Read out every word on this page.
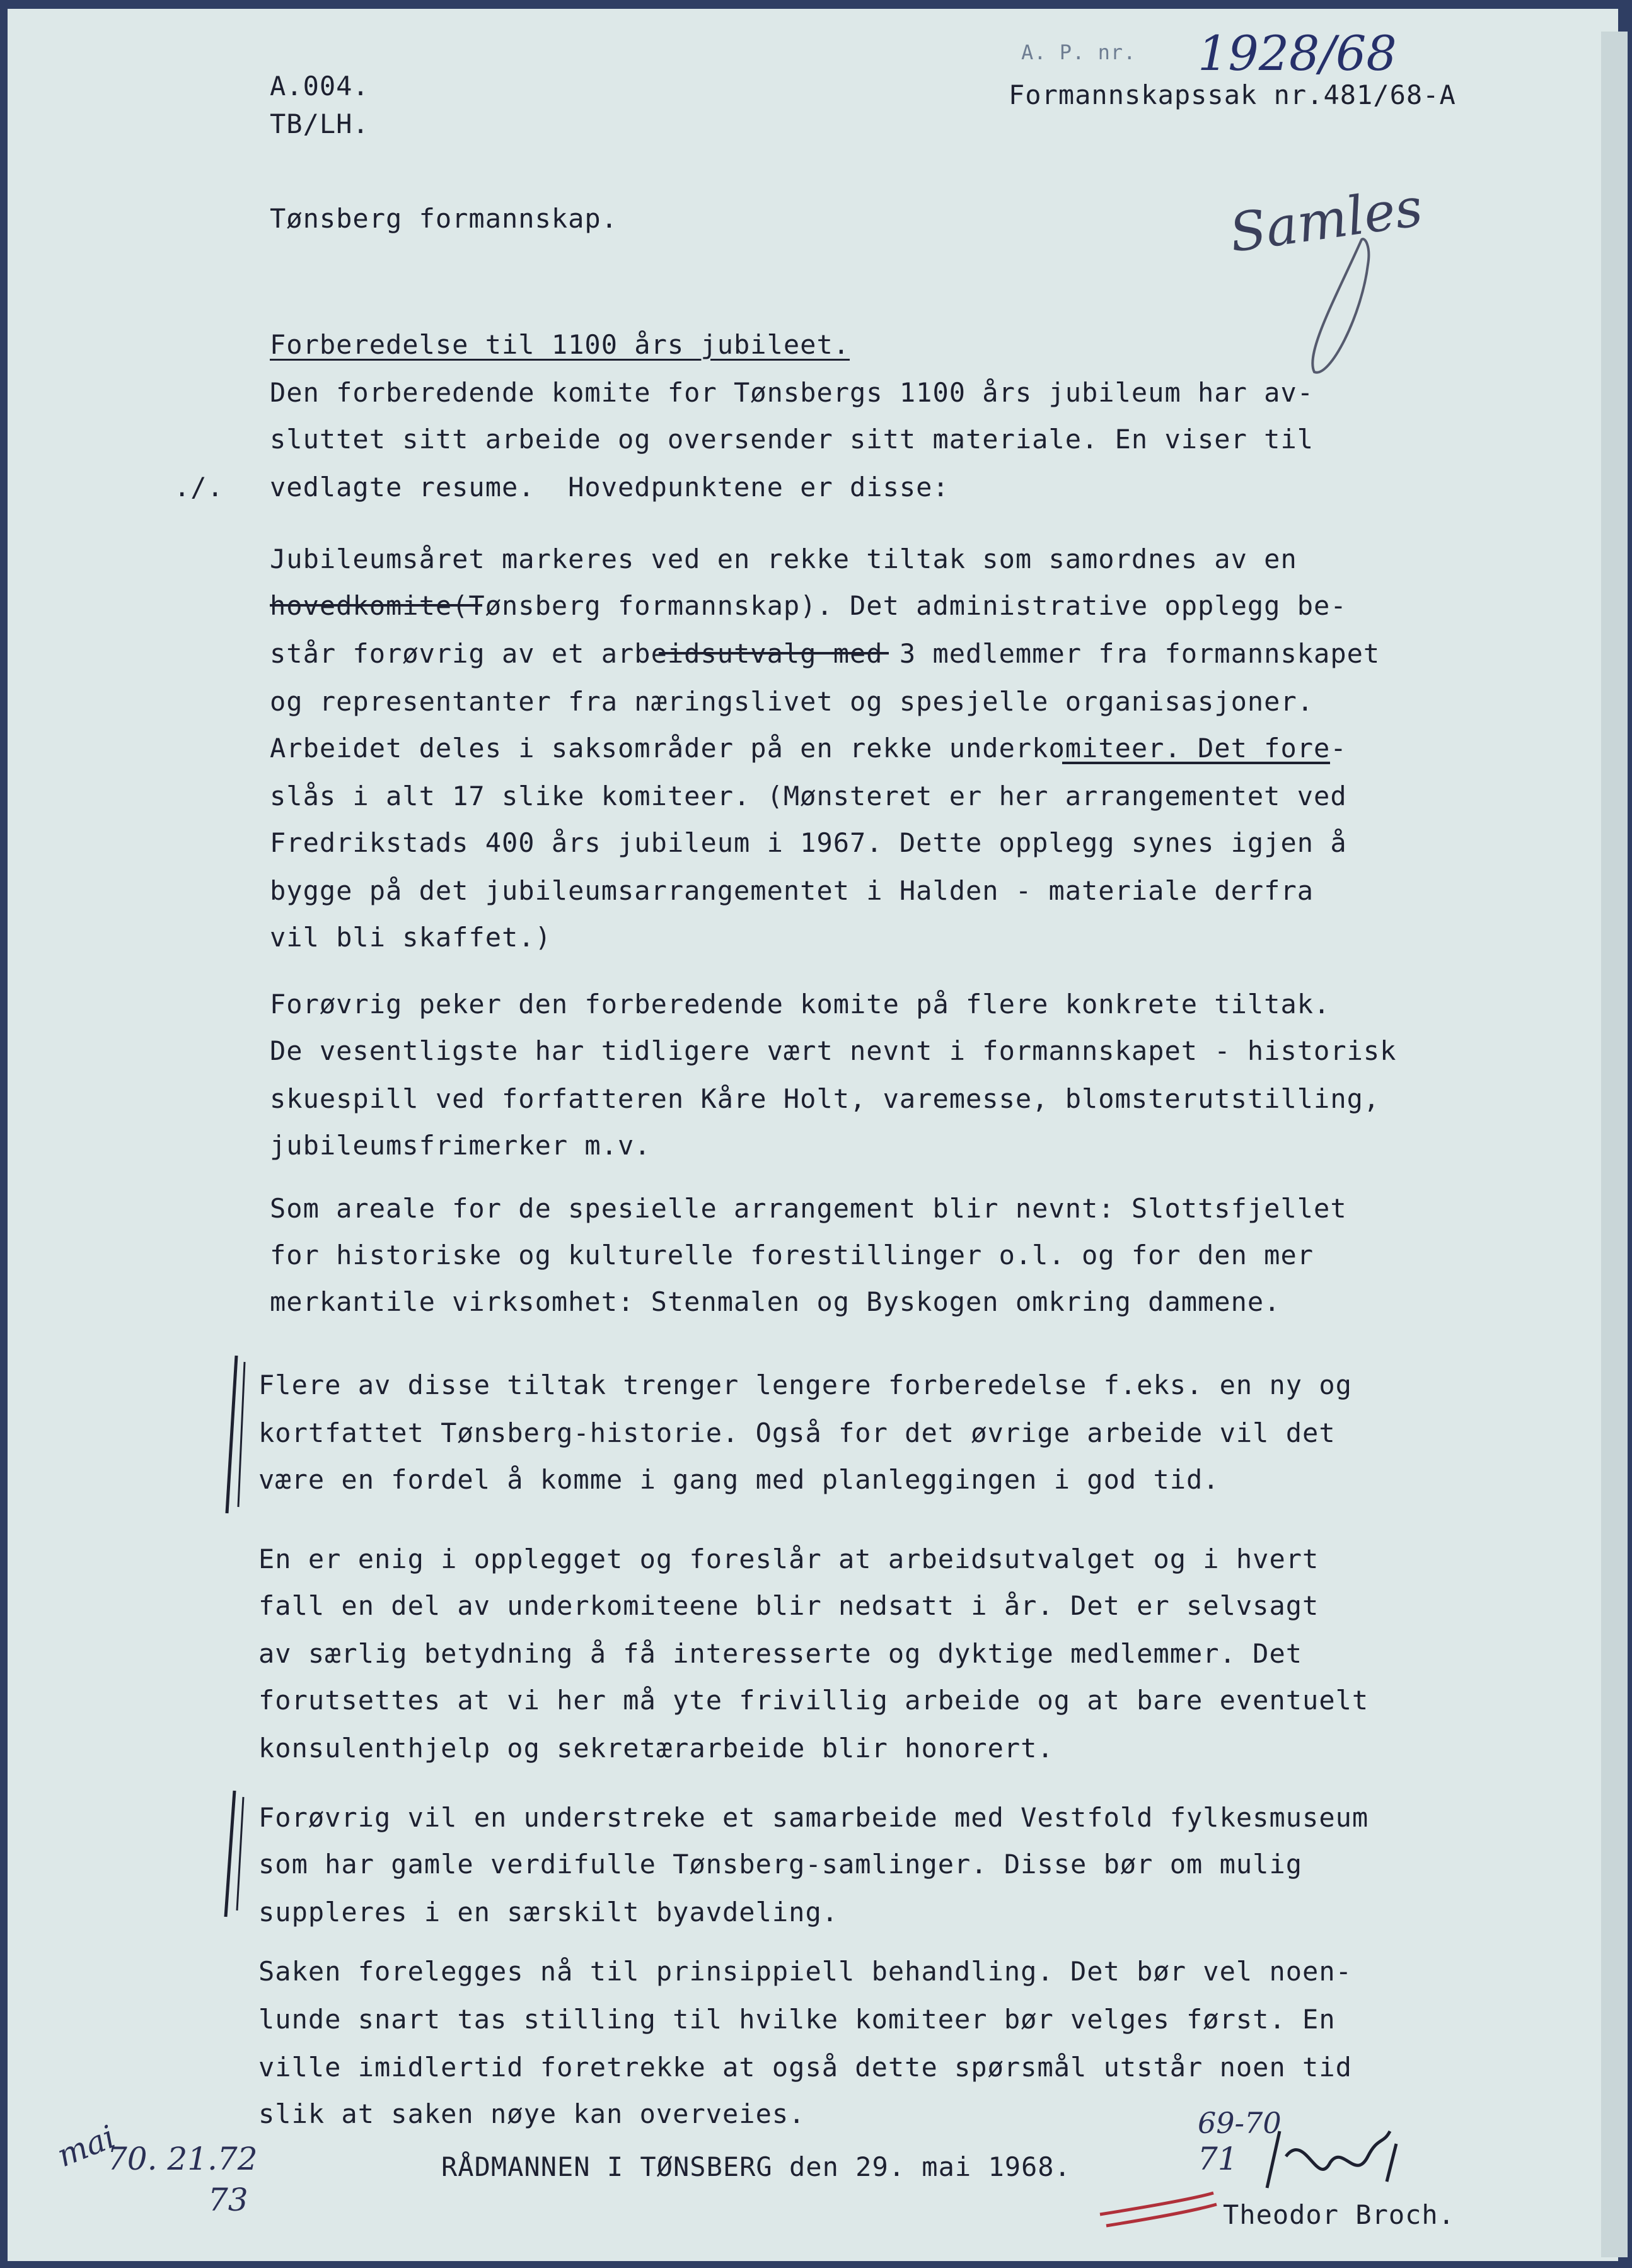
A.004.

TB/LH.

Formannskapssak nr.481/68-A

A. P. nr.

Tønsberg formannskap.

Forberedelse til 1100 års jubileet.

./.

Den forberedende komite for Tønsbergs 1100 års jubileum har av-

sluttet sitt arbeide og oversender sitt materiale. En viser til

vedlagte resume.  Hovedpunktene er disse:

Jubileumsåret markeres ved en rekke tiltak som samordnes av en

hovedkomite(Tønsberg formannskap). Det administrative opplegg be-

står forøvrig av et arbeidsutvalg med 3 medlemmer fra formannskapet

og representanter fra næringslivet og spesjelle organisasjoner.

Arbeidet deles i saksområder på en rekke underkomiteer. Det fore-

slås i alt 17 slike komiteer. (Mønsteret er her arrangementet ved

Fredrikstads 400 års jubileum i 1967. Dette opplegg synes igjen å

bygge på det jubileumsarrangementet i Halden - materiale derfra

vil bli skaffet.)

Forøvrig peker den forberedende komite på flere konkrete tiltak.

De vesentligste har tidligere vært nevnt i formannskapet - historisk

skuespill ved forfatteren Kåre Holt, varemesse, blomsterutstilling,

jubileumsfrimerker m.v.

Som areale for de spesielle arrangement blir nevnt: Slottsfjellet

for historiske og kulturelle forestillinger o.l. og for den mer

merkantile virksomhet: Stenmalen og Byskogen omkring dammene.

Flere av disse tiltak trenger lengere forberedelse f.eks. en ny og

kortfattet Tønsberg-historie. Også for det øvrige arbeide vil det

være en fordel å komme i gang med planleggingen i god tid.

En er enig i opplegget og foreslår at arbeidsutvalget og i hvert

fall en del av underkomiteene blir nedsatt i år. Det er selvsagt

av særlig betydning å få interesserte og dyktige medlemmer. Det

forutsettes at vi her må yte frivillig arbeide og at bare eventuelt

konsulenthjelp og sekretærarbeide blir honorert.

Forøvrig vil en understreke et samarbeide med Vestfold fylkesmuseum

som har gamle verdifulle Tønsberg-samlinger. Disse bør om mulig

suppleres i en særskilt byavdeling.

Saken forelegges nå til prinsippiell behandling. Det bør vel noen-

lunde snart tas stilling til hvilke komiteer bør velges først. En

ville imidlertid foretrekke at også dette spørsmål utstår noen tid

slik at saken nøye kan overveies.

RÅDMANNEN I TØNSBERG den 29. mai 1968.

Theodor Broch.

1928/68
Samles
mai
70. 21.72
73
69-70
71
